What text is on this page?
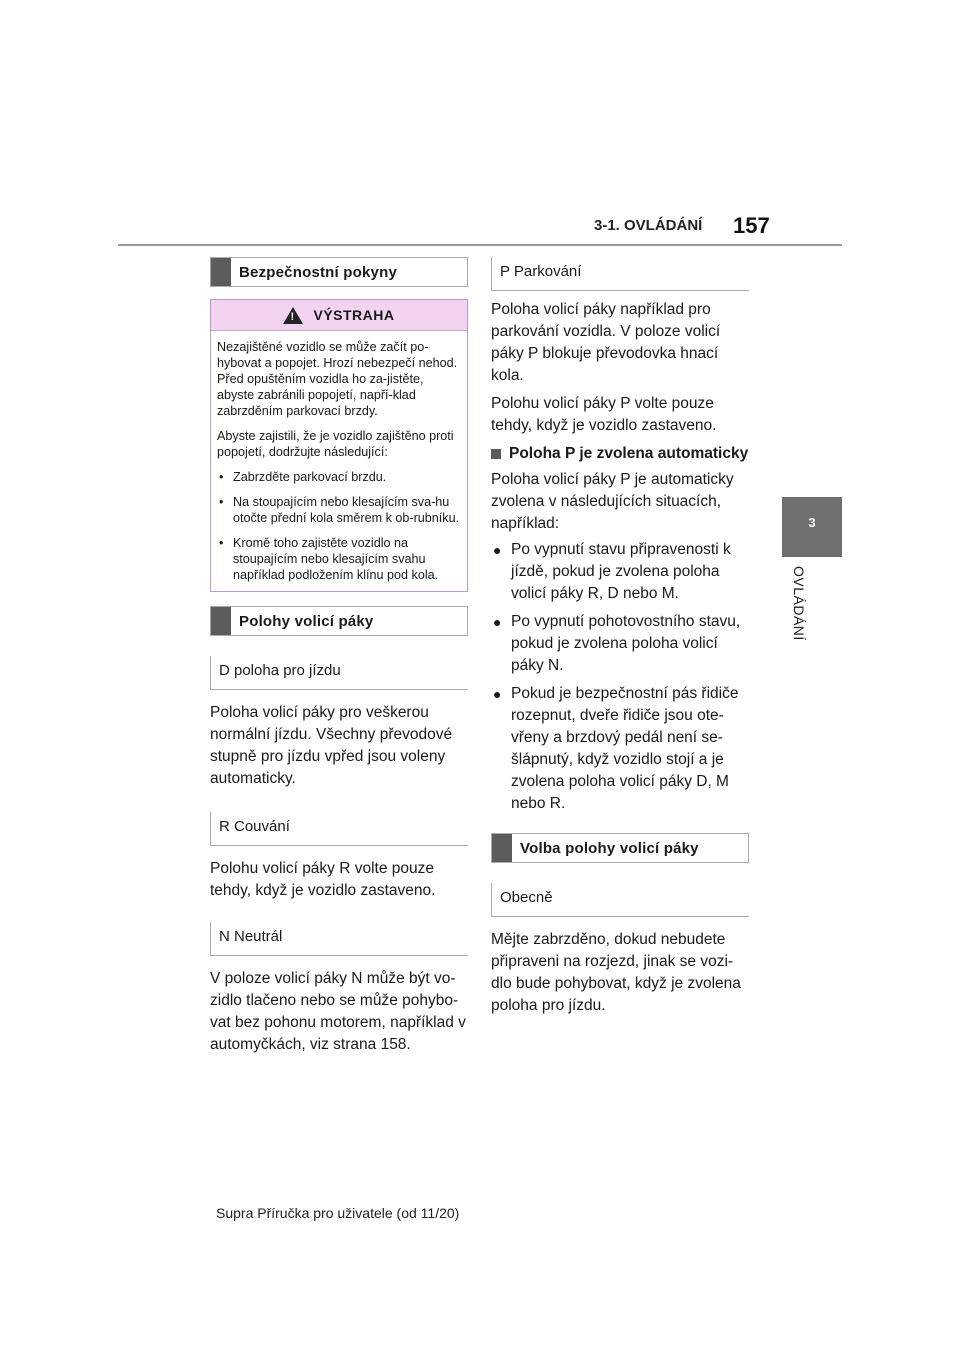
3-1. OVLÁDÁNÍ 157
3
OVLÁDÁNÍ
Bezpečnostní pokyny
! VÝSTRAHA

Nezajištěné vozidlo se může začít po-hybovat a popojet. Hrozí nebezpečí nehod. Před opuštěním vozidla ho za-jistěte, abyste zabránili popojetí, napří-klad zabrzděním parkovací brzdy.

Abyste zajistili, že je vozidlo zajištěno proti popojetí, dodržujte následující:

• Zabrzděte parkovací brzdu.
• Na stoupajícím nebo klesajícím sva-hu otočte přední kola směrem k ob-rubníku.
• Kromě toho zajistěte vozidlo na stoupajícím nebo klesajícím svahu například podložením klínu pod kola.
Polohy volicí páky
D poloha pro jízdu

Poloha volicí páky pro veškerou normální jízdu. Všechny převodové stupně pro jízdu vpřed jsou voleny automaticky.

R Couvání

Polohu volicí páky R volte pouze tehdy, když je vozidlo zastaveno.

N Neutrál

V poloze volicí páky N může být vo-zidlo tlačeno nebo se může pohybo-vat bez pohonu motorem, například v automyčkách, viz strana 158.

P Parkování

Poloha volicí páky například pro parkování vozidla. V poloze volicí páky P blokuje převodovka hnací kola.

Polohu volicí páky P volte pouze tehdy, když je vozidlo zastaveno.

Poloha P je zvolena automaticky

Poloha volicí páky P je automaticky zvolena v následujících situacích, například:

● Po vypnutí stavu připravenosti k jízdě, pokud je zvolena poloha volicí páky R, D nebo M.
● Po vypnutí pohotovostního stavu, pokud je zvolena poloha volicí páky N.
● Pokud je bezpečnostní pás řidiče rozepnut, dveře řidiče jsou ote-vřeny a brzdový pedál není se-šlápnutý, když vozidlo stojí a je zvolena poloha volicí páky D, M nebo R.
Volba polohy volicí páky
Obecně

Mějte zabrzděno, dokud nebudete připraveni na rozjezd, jinak se vozi-dlo bude pohybovat, když je zvolena poloha pro jízdu.

Supra Příručka pro uživatele (od 11/20)
